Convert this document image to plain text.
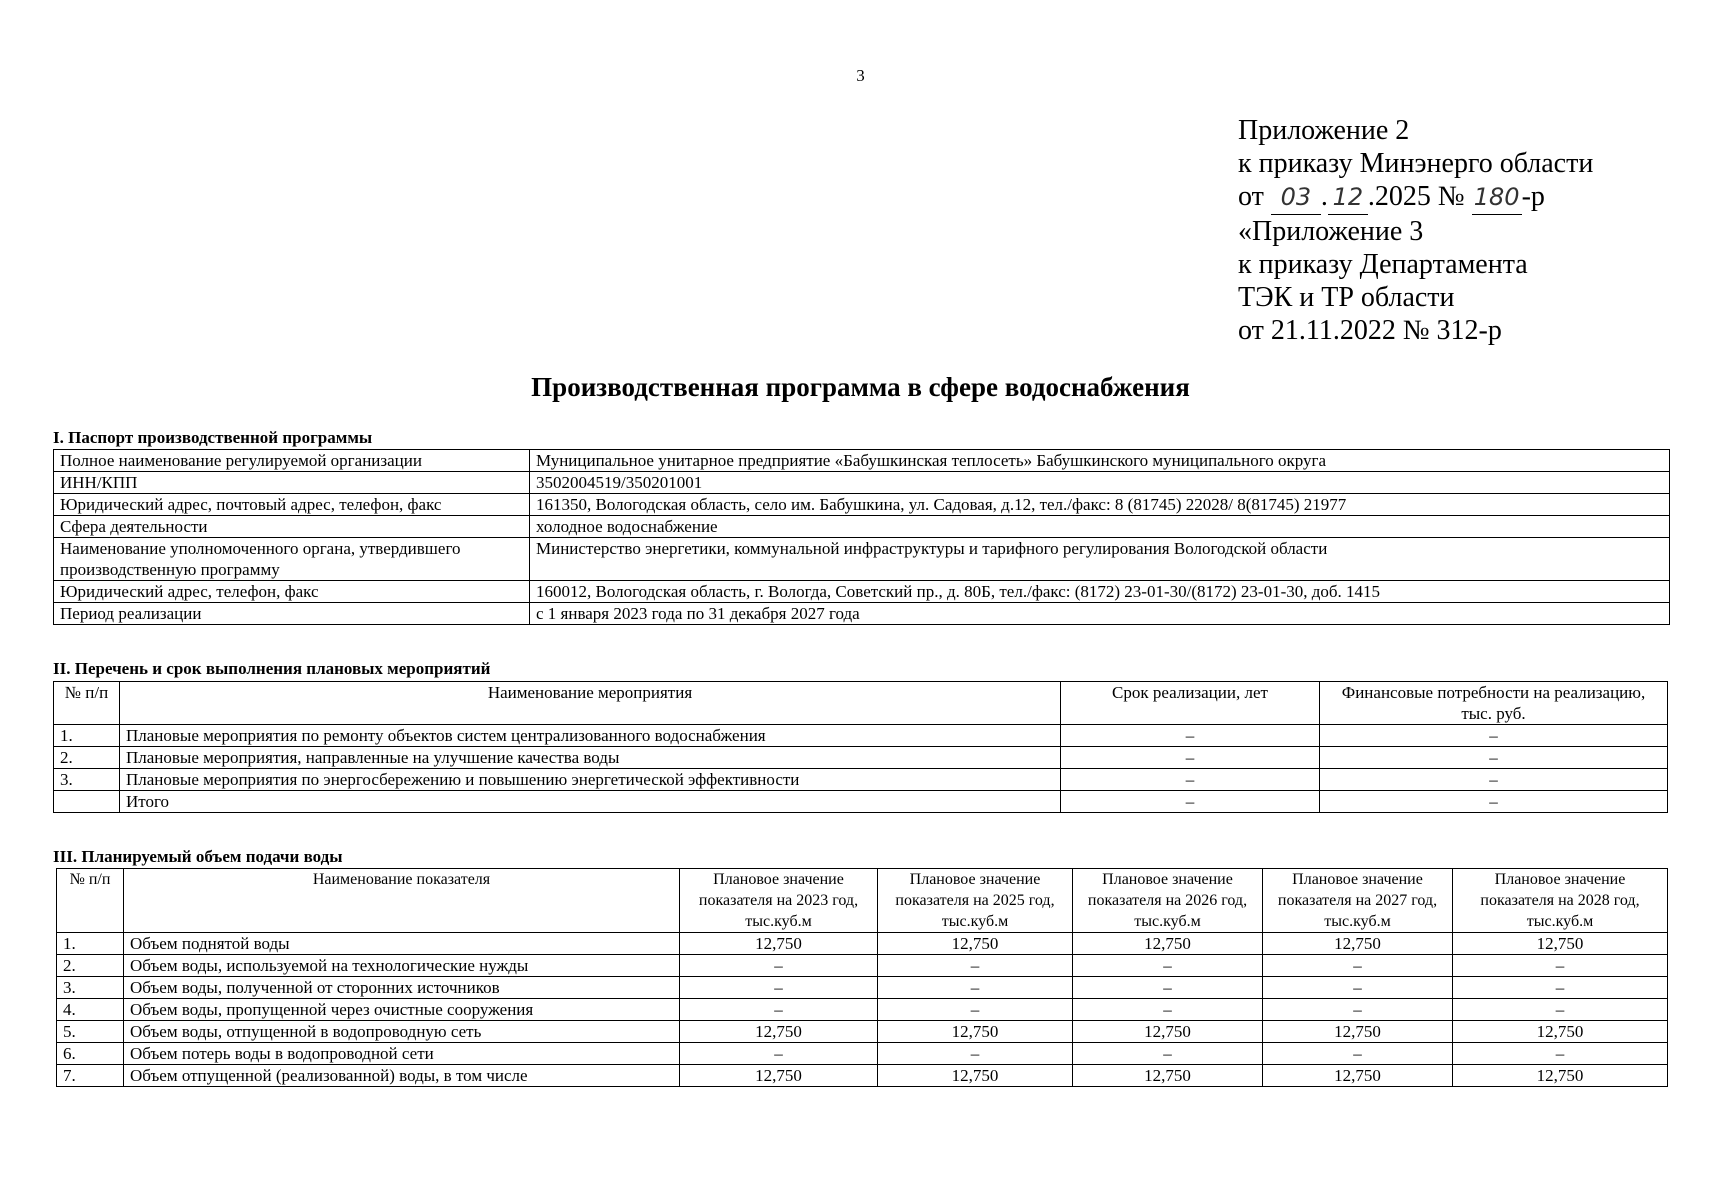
3
Приложение 2
к приказу Минэнерго области
от 03 . 12 .2025 № 180-р
«Приложение 3
к приказу Департамента
ТЭК и ТР области
от 21.11.2022 № 312-р
Производственная программа в сфере водоснабжения
I. Паспорт производственной программы
Полное наименование регулируемой организации	Муниципальное унитарное предприятие «Бабушкинская теплосеть» Бабушкинского муниципального округа
ИНН/КПП	3502004519/350201001
Юридический адрес, почтовый адрес, телефон, факс	161350, Вологодская область, село им. Бабушкина, ул. Садовая, д.12, тел./факс: 8 (81745) 22028/ 8(81745) 21977
Сфера деятельности	холодное водоснабжение
Наименование уполномоченного органа, утвердившего производственную программу	Министерство энергетики, коммунальной инфраструктуры и тарифного регулирования Вологодской области
Юридический адрес, телефон, факс	160012, Вологодская область, г. Вологда, Советский пр., д. 80Б, тел./факс: (8172) 23-01-30/(8172) 23-01-30, доб. 1415
Период реализации	с 1 января 2023 года по 31 декабря 2027 года
II. Перечень и срок выполнения плановых мероприятий
№ п/п	Наименование мероприятия	Срок реализации, лет	Финансовые потребности на реализацию, тыс. руб.
1.	Плановые мероприятия по ремонту объектов систем централизованного водоснабжения	–	–
2.	Плановые мероприятия, направленные на улучшение качества воды	–	–
3.	Плановые мероприятия по энергосбережению и повышению энергетической эффективности	–	–
	Итого	–	–
III. Планируемый объем подачи воды
№ п/п	Наименование показателя	Плановое значение показателя на 2023 год, тыс.куб.м	Плановое значение показателя на 2025 год, тыс.куб.м	Плановое значение показателя на 2026 год, тыс.куб.м	Плановое значение показателя на 2027 год, тыс.куб.м	Плановое значение показателя на 2028 год, тыс.куб.м
1.	Объем поднятой воды	12,750	12,750	12,750	12,750	12,750
2.	Объем воды, используемой на технологические нужды	–	–	–	–	–
3.	Объем воды, полученной от сторонних источников	–	–	–	–	–
4.	Объем воды, пропущенной через очистные сооружения	–	–	–	–	–
5.	Объем воды, отпущенной в водопроводную сеть	12,750	12,750	12,750	12,750	12,750
6.	Объем потерь воды в водопроводной сети	–	–	–	–	–
7.	Объем отпущенной (реализованной) воды, в том числе	12,750	12,750	12,750	12,750	12,750
